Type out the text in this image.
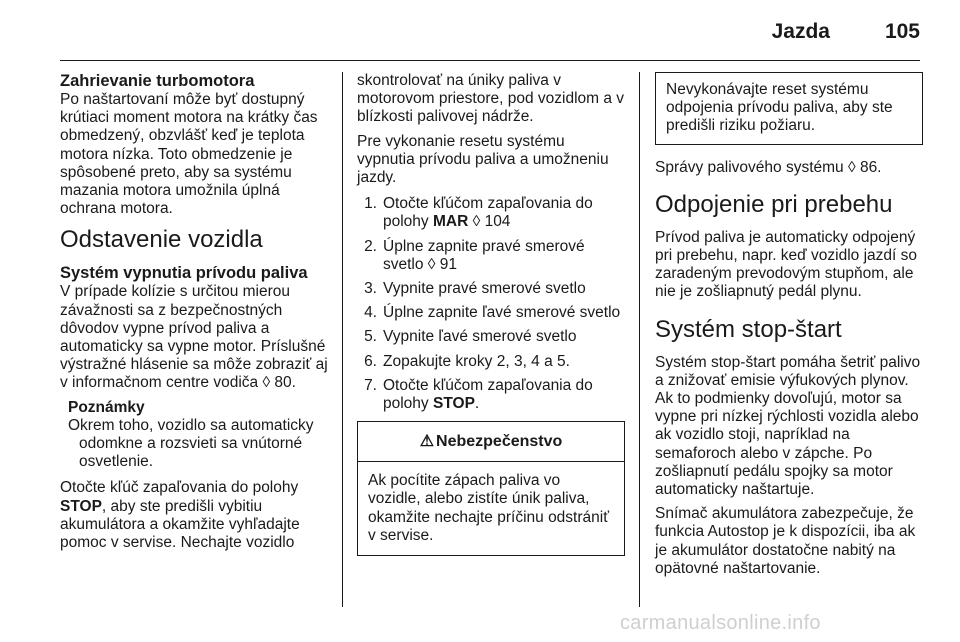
Jazda	105
Zahrievanie turbomotora

Po naštartovaní môže byť dostupný krútiaci moment motora na krátky čas obmedzený, obzvlášť keď je teplota motora nízka. Toto obmedzenie je spôsobené preto, aby sa systému mazania motora umožnila úplná ochrana motora.

Odstavenie vozidla
Systém vypnutia prívodu paliva

V prípade kolízie s určitou mierou závažnosti sa z bezpečnostných dôvodov vypne prívod paliva a automaticky sa vypne motor. Príslušné výstražné hlásenie sa môže zobraziť aj v informačnom centre vodiča ◊ 80.

Poznámky
Okrem toho, vozidlo sa automaticky odomkne a rozsvieti sa vnútorné osvetlenie.

Otočte kľúč zapaľovania do polohy STOP, aby ste predišli vybitiu akumulátora a okamžite vyhľadajte pomoc v servise. Nechajte vozidlo

skontrolovať na úniky paliva v motorovom priestore, pod vozidlom a v blízkosti palivovej nádrže.

Pre vykonanie resetu systému vypnutia prívodu paliva a umožneniu jazdy.

1. Otočte kľúčom zapaľovania do polohy MAR ◊ 104
2. Úplne zapnite pravé smerové svetlo ◊ 91
3. Vypnite pravé smerové svetlo
4. Úplne zapnite ľavé smerové svetlo
5. Vypnite ľavé smerové svetlo
6. Zopakujte kroky 2, 3, 4 a 5.
7. Otočte kľúčom zapaľovania do polohy STOP.
⚠ Nebezpečenstvo
Ak pocítite zápach paliva vo vozidle, alebo zistíte únik paliva, okamžite nechajte príčinu odstrániť v servise.
Nevykonávajte reset systému odpojenia prívodu paliva, aby ste predišli riziku požiaru.

Správy palivového systému ◊ 86.

Odpojenie pri prebehu

Prívod paliva je automaticky odpojený pri prebehu, napr. keď vozidlo jazdí so zaradeným prevodovým stupňom, ale nie je zošliapnutý pedál plynu.

Systém stop-štart

Systém stop-štart pomáha šetriť palivo a znižovať emisie výfukových plynov. Ak to podmienky dovoľujú, motor sa vypne pri nízkej rýchlosti vozidla alebo ak vozidlo stoji, napríklad na semaforoch alebo v zápche. Po zošliapnutí pedálu spojky sa motor automaticky naštartuje.

Snímač akumulátora zabezpečuje, že funkcia Autostop je k dispozícii, iba ak je akumulátor dostatočne nabitý na opätovné naštartovanie.

carmanualsonline.info
